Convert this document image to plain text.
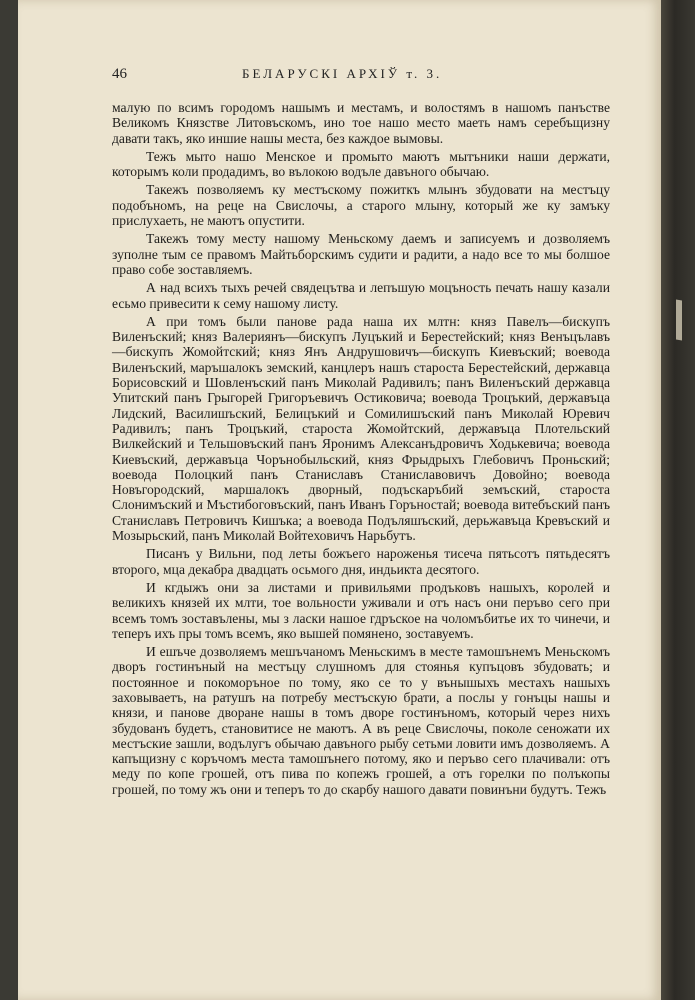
46	БЕЛАРУСКІ АРХІЎ т. 3.

малую по всимъ городомъ нашымъ и местамъ, и волостямъ в нашомъ панъстве Великомъ Князстве Литовъскомъ, ино тое нашо место маеть намъ серебъщизну давати такъ, яко иншие нашы места, без каждое вымовы.

Тежъ мыто нашо Менское и промыто маютъ мытъники наши держати, которымъ коли продадимъ, во вълокою водъле давъного обычаю.

Такежъ позволяемъ ку местъскому пожиткъ млынъ збудовати на местъцу подобъномъ, на реце на Свислочы, а старого млыну, который же ку замъку прислухаеть, не маютъ опустити.

Такежъ тому месту нашому Меньскому даемъ и записуемъ и дозволяемъ зуполне тым се правомъ Майтьборскимъ судити и радити, а надо все то мы болшое право собе зоставляемъ.

А над всихъ тыхъ речей свядецътва и лепъшую моцъность печать нашу казали есьмо привесити к сему нашому листу.

А при томъ были панове рада наша их млтн: княз Павелъ—бискупъ Виленъский; княз Валериянъ—бискупъ Луцъкий и Берестейский; княз Венъцълавъ—бискупъ Жомойтский; княз Янъ Андрушовичъ—бискупъ Киевъский; воевода Виленъский, маръшалокъ земский, канцлеръ нашъ староста Берестейский, державца Борисовский и Шовленъский панъ Миколай Радивилъ; панъ Виленъский державца Упитский панъ Грыгорей Григоръевичъ Остиковича; воевода Троцъкий, державъца Лидский, Василишъский, Белицъкий и Сомилишъский панъ Миколай Юревич Радивилъ; панъ Троцъкий, староста Жомойтский, державъца Плотельский Вилкейский и Тельшовъский панъ Яронимъ Алексанъдровичъ Ходькевича; воевода Киевъский, державъца Чорънобыльский, княз Фрыдрыхъ Глебовичъ Проньский; воевода Полоцкий панъ Станиславъ Станиславовичъ Довойно; воевода Новъгородский, маршалокъ дворный, подъскаръбий земъский, староста Слонимъский и Мъстибоговъский, панъ Иванъ Горъностай; воевода витебъский панъ Станиславъ Петровичъ Кишъка; а воевода Подъляшъский, дерьжавъца Кревъский и Мозырьский, панъ Миколай Войтеховичъ Нарьбутъ.

Писанъ у Вильни, под леты божъего нароженья тисеча пятьсотъ пятьдесятъ второго, мца декабра двадцать осьмого дня, индьикта десятого.

И кгдыжъ они за листами и привильями продъковъ нашыхъ, королей и великихъ князей их млти, тое вольности уживали и отъ насъ они перъво сего при всемъ томъ зоставълены, мы з ласки нашое гдръское на чоломъбитье их то чинечи, и теперъ ихъ пры томъ всемъ, яко вышей помянено, зоставуемъ.

И ешъче дозволяемъ мешъчаномъ Меньскимъ в месте тамошънемъ Меньскомъ дворъ гостинъный на местъцу слушномъ для стоянья купъцовъ збудовать; и постоянное и покоморъное по тому, яко се то у вънышыхъ местахъ нашыхъ заховываетъ, на ратушъ на потребу местъскую брати, а послы у гонъцы нашы и князи, и панове дворане нашы в томъ дворе гостинъномъ, который через нихъ збудованъ будетъ, становитисе не маютъ. А въ реце Свислочы, поколе сеножати их местъские зашли, водълугъ обычаю давъного рыбу сетьми ловити имъ дозволяемъ. А капъщизну с коръчомъ места тамошънего потому, яко и перъво сего плачивали: отъ меду по копе грошей, отъ пива по копежъ грошей, а отъ горелки по полъкопы грошей, по тому жъ они и теперъ то до скарбу нашого давати повинъни будутъ. Тежъ
